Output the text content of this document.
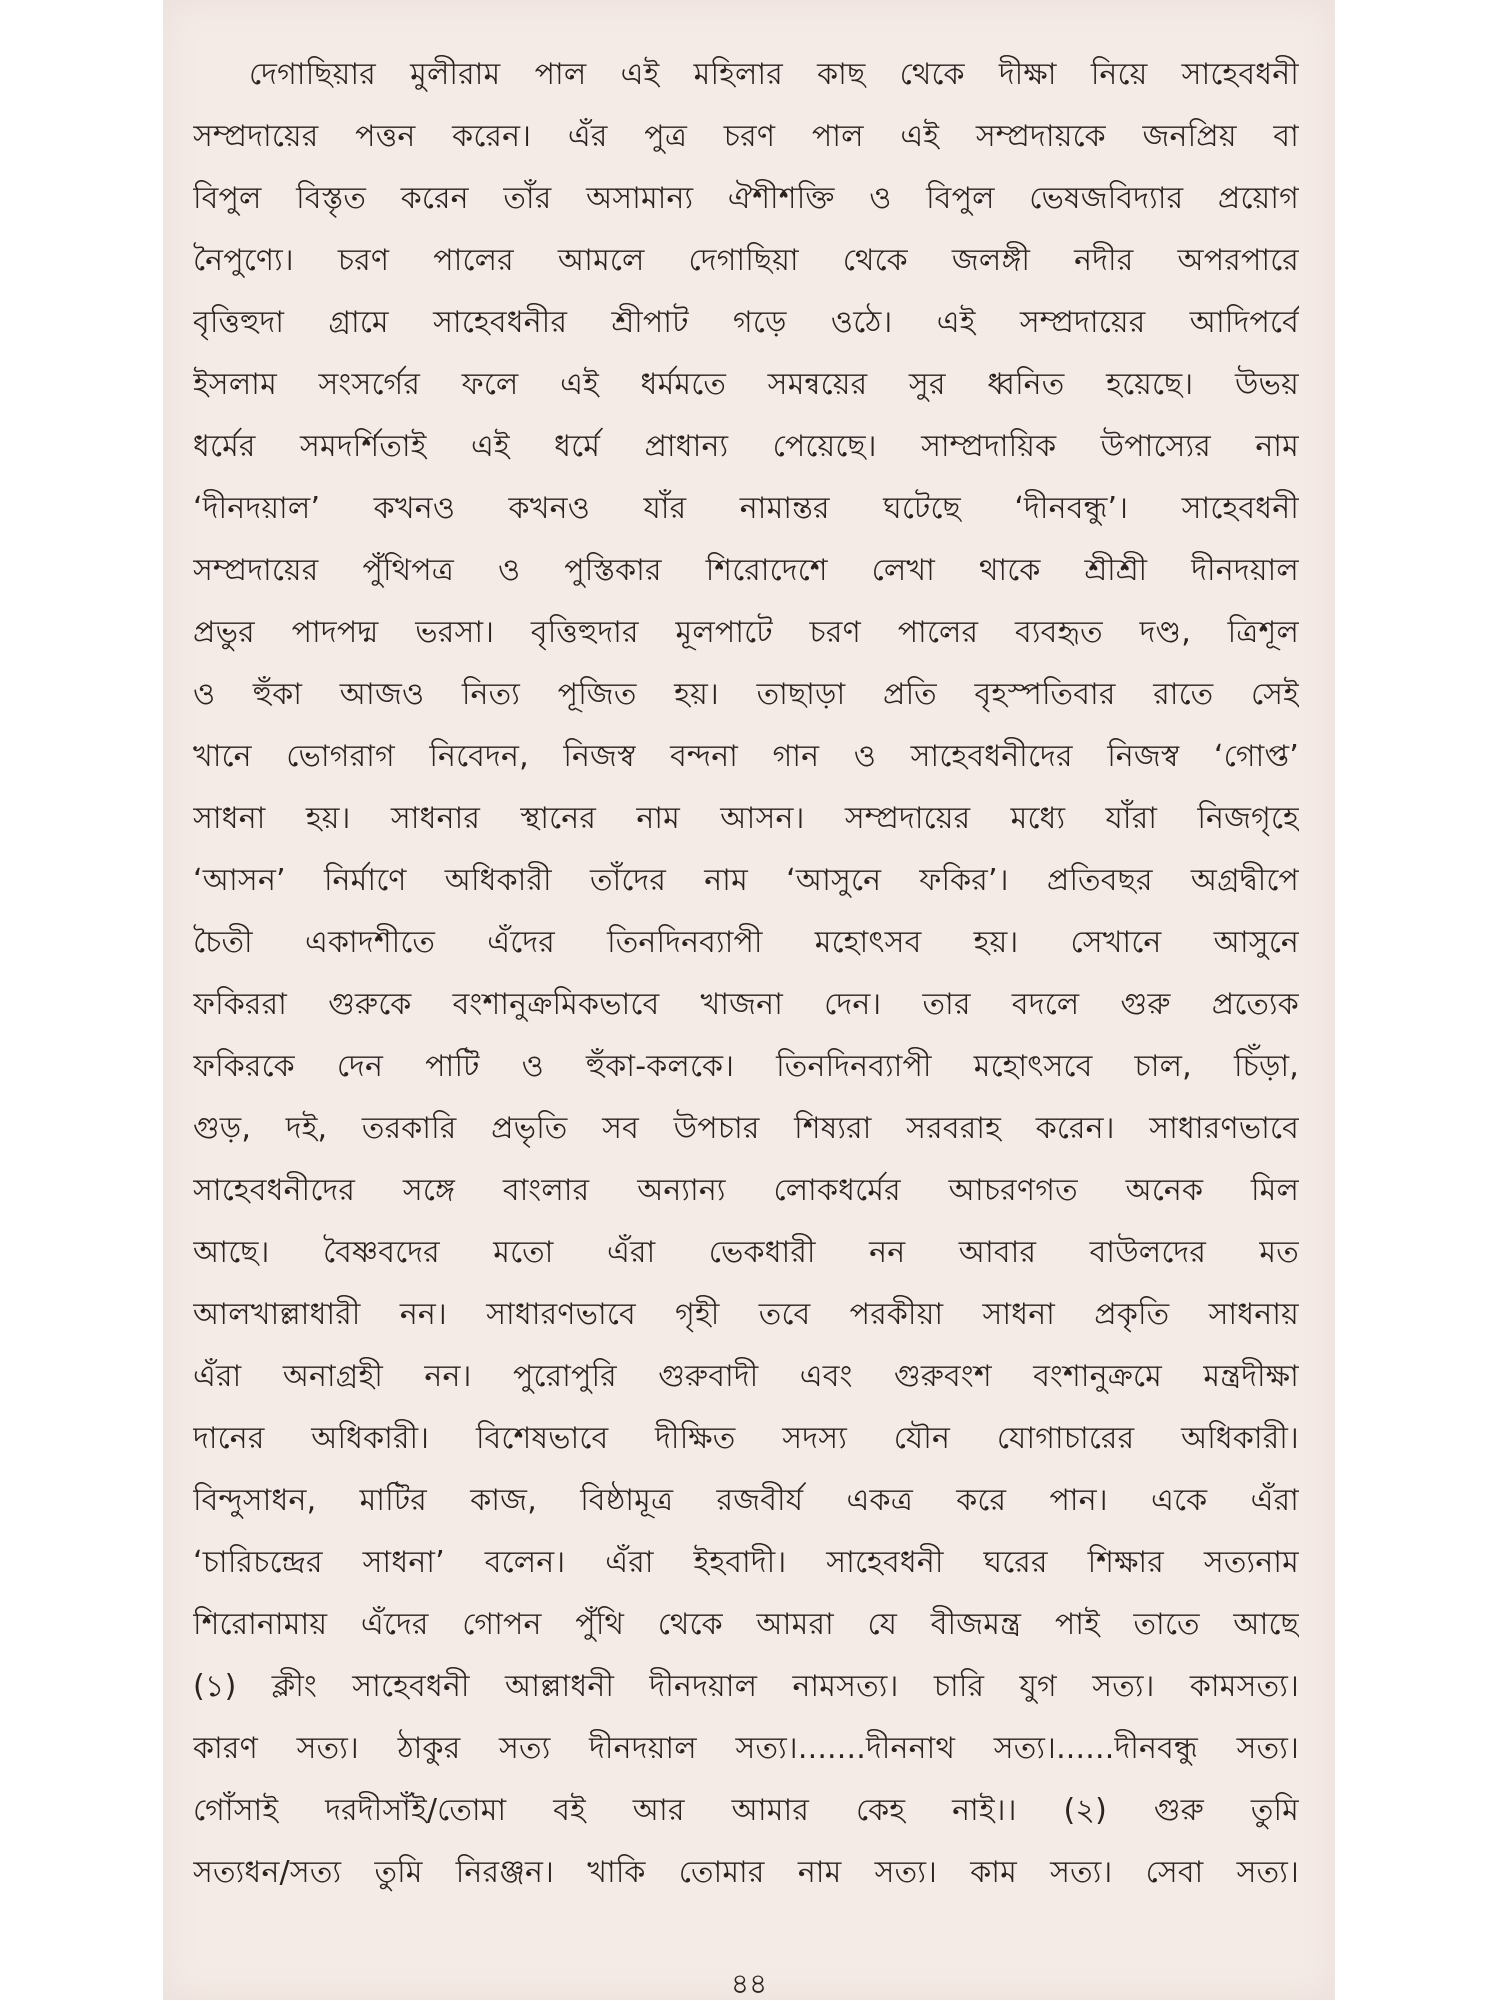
দেগাছিয়ার মুলীরাম পাল এই মহিলার কাছ থেকে দীক্ষা নিয়ে সাহেবধনী
সম্প্রদায়ের পত্তন করেন। এঁর পুত্র চরণ পাল এই সম্প্রদায়কে জনপ্রিয় বা
বিপুল বিস্তৃত করেন তাঁর অসামান্য ঐশীশক্তি ও বিপুল ভেষজবিদ্যার প্রয়োগ
নৈপুণ্যে। চরণ পালের আমলে দেগাছিয়া থেকে জলঙ্গী নদীর অপরপারে
বৃত্তিহুদা গ্রামে সাহেবধনীর শ্রীপাট গড়ে ওঠে। এই সম্প্রদায়ের আদিপর্বে
ইসলাম সংসর্গের ফলে এই ধর্মমতে সমন্বয়ের সুর ধ্বনিত হয়েছে। উভয়
ধর্মের সমদর্শিতাই এই ধর্মে প্রাধান্য পেয়েছে। সাম্প্রদায়িক উপাস্যের নাম
‘দীনদয়াল’ কখনও কখনও যাঁর নামান্তর ঘটেছে ‘দীনবন্ধু’। সাহেবধনী
সম্প্রদায়ের পুঁথিপত্র ও পুস্তিকার শিরোদেশে লেখা থাকে শ্রীশ্রী দীনদয়াল
প্রভুর পাদপদ্ম ভরসা। বৃত্তিহুদার মূলপাটে চরণ পালের ব্যবহৃত দণ্ড, ত্রিশূল
ও হুঁকা আজও নিত্য পূজিত হয়। তাছাড়া প্রতি বৃহস্পতিবার রাতে সেই
খানে ভোগরাগ নিবেদন, নিজস্ব বন্দনা গান ও সাহেবধনীদের নিজস্ব ‘গোপ্ত’
সাধনা হয়। সাধনার স্থানের নাম আসন। সম্প্রদায়ের মধ্যে যাঁরা নিজগৃহে
‘আসন’ নির্মাণে অধিকারী তাঁদের নাম ‘আসুনে ফকির’। প্রতিবছর অগ্রদ্বীপে
চৈতী একাদশীতে এঁদের তিনদিনব্যাপী মহোৎসব হয়। সেখানে আসুনে
ফকিররা গুরুকে বংশানুক্রমিকভাবে খাজনা দেন। তার বদলে গুরু প্রত্যেক
ফকিরকে দেন পাটি ও হুঁকা-কলকে। তিনদিনব্যাপী মহোৎসবে চাল, চিঁড়া,
গুড়, দই, তরকারি প্রভৃতি সব উপচার শিষ্যরা সরবরাহ করেন। সাধারণভাবে
সাহেবধনীদের সঙ্গে বাংলার অন্যান্য লোকধর্মের আচরণগত অনেক মিল
আছে। বৈষ্ণবদের মতো এঁরা ভেকধারী নন আবার বাউলদের মত
আলখাল্লাধারী নন। সাধারণভাবে গৃহী তবে পরকীয়া সাধনা প্রকৃতি সাধনায়
এঁরা অনাগ্রহী নন। পুরোপুরি গুরুবাদী এবং গুরুবংশ বংশানুক্রমে মন্ত্রদীক্ষা
দানের অধিকারী। বিশেষভাবে দীক্ষিত সদস্য যৌন যোগাচারের অধিকারী।
বিন্দুসাধন, মাটির কাজ, বিষ্ঠামূত্র রজবীর্য একত্র করে পান। একে এঁরা
‘চারিচন্দ্রের সাধনা’ বলেন। এঁরা ইহবাদী। সাহেবধনী ঘরের শিক্ষার সত্যনাম
শিরোনামায় এঁদের গোপন পুঁথি থেকে আমরা যে বীজমন্ত্র পাই তাতে আছে
(১) ক্লীং সাহেবধনী আল্লাধনী দীনদয়াল নামসত্য। চারি যুগ সত্য। কামসত্য।
কারণ সত্য। ঠাকুর সত্য দীনদয়াল সত্য।.......দীননাথ সত্য।......দীনবন্ধু সত্য।
গোঁসাই দরদীসাঁই/তোমা বই আর আমার কেহ নাই।। (২) গুরু তুমি
সত্যধন/সত্য তুমি নিরঞ্জন। খাকি তোমার নাম সত্য। কাম সত্য। সেবা সত্য।
৪৪
